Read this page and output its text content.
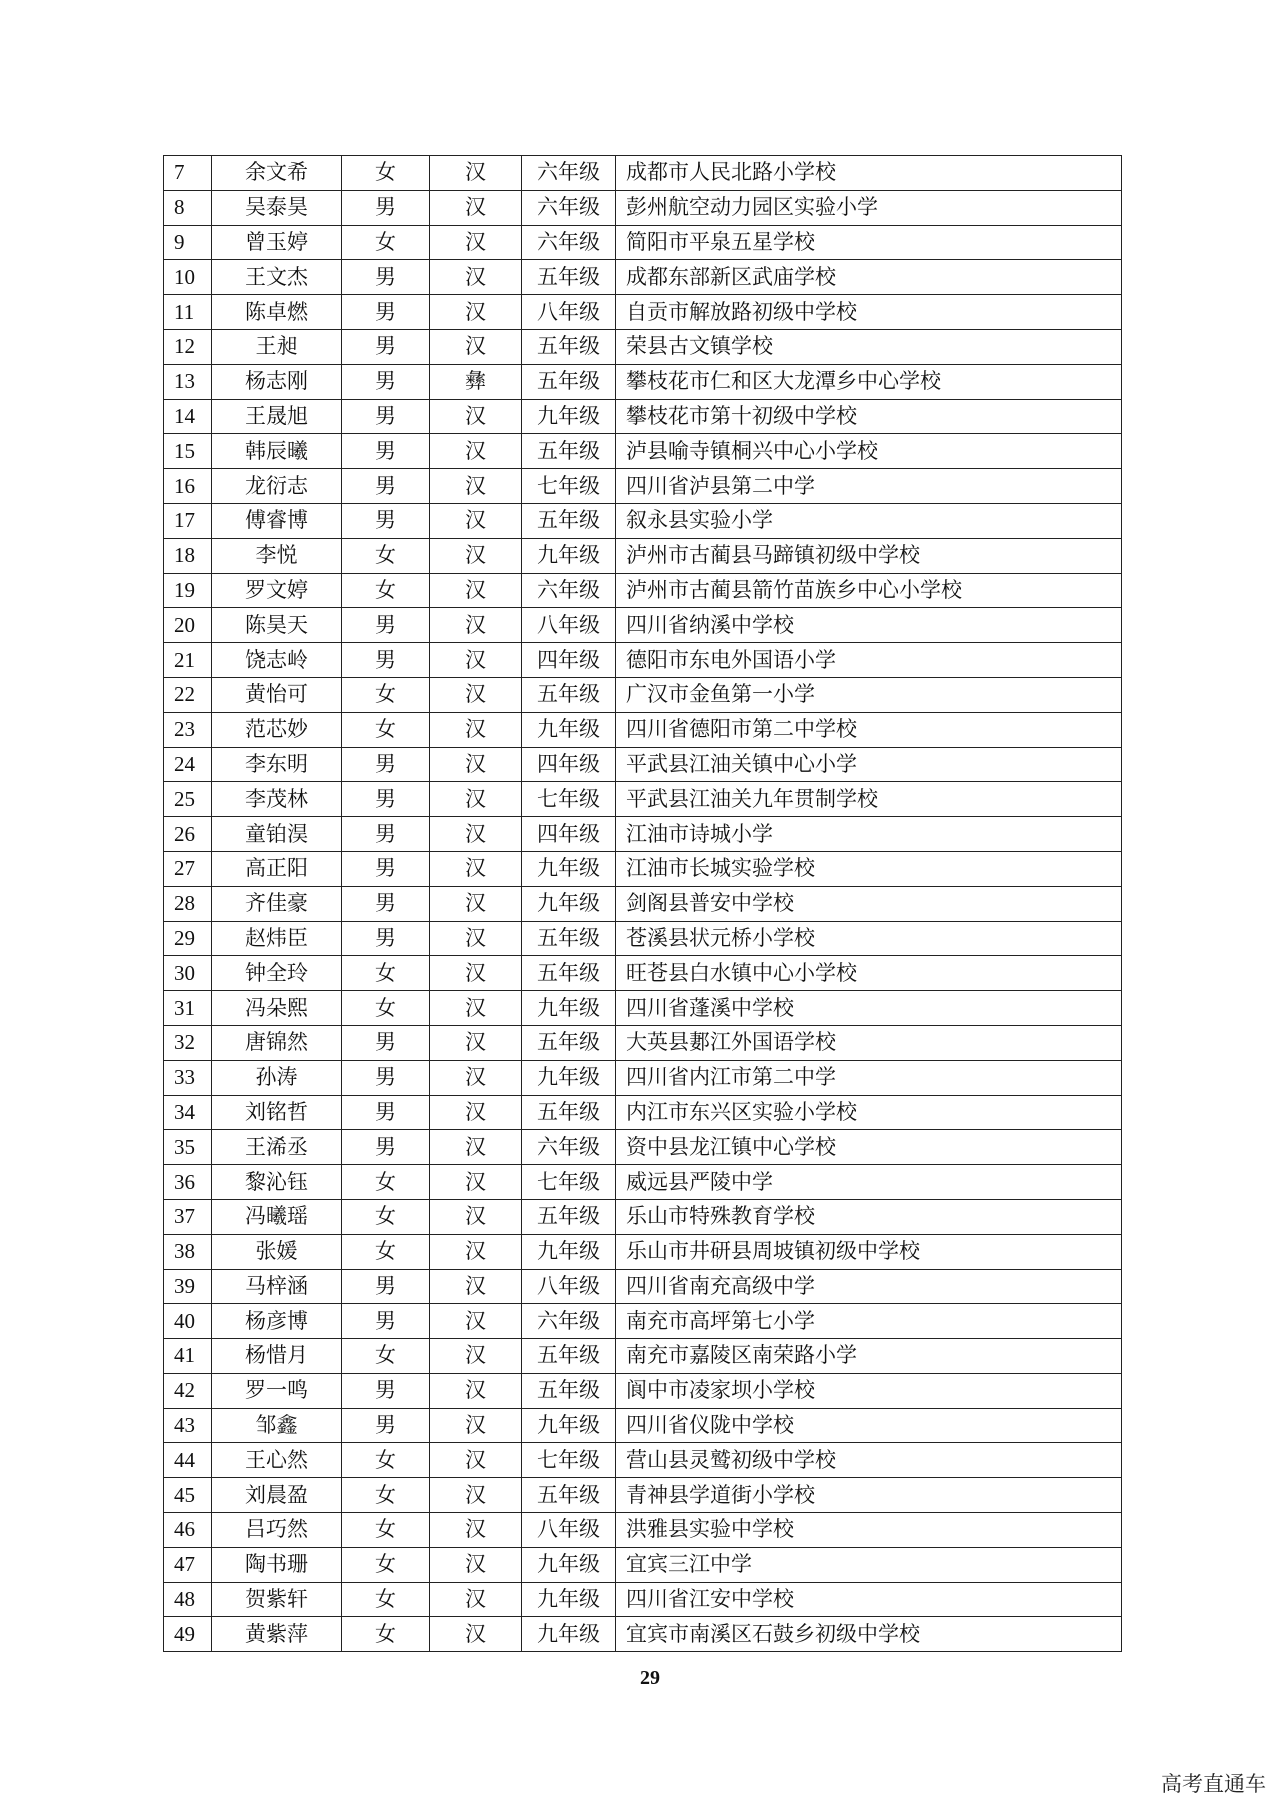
7	余文希	女	汉	六年级	成都市人民北路小学校
8	吴泰昊	男	汉	六年级	彭州航空动力园区实验小学
9	曾玉婷	女	汉	六年级	简阳市平泉五星学校
10	王文杰	男	汉	五年级	成都东部新区武庙学校
11	陈卓燃	男	汉	八年级	自贡市解放路初级中学校
12	王昶	男	汉	五年级	荣县古文镇学校
13	杨志刚	男	彝	五年级	攀枝花市仁和区大龙潭乡中心学校
14	王晟旭	男	汉	九年级	攀枝花市第十初级中学校
15	韩辰曦	男	汉	五年级	泸县喻寺镇桐兴中心小学校
16	龙衍志	男	汉	七年级	四川省泸县第二中学
17	傅睿博	男	汉	五年级	叙永县实验小学
18	李悦	女	汉	九年级	泸州市古蔺县马蹄镇初级中学校
19	罗文婷	女	汉	六年级	泸州市古蔺县箭竹苗族乡中心小学校
20	陈昊天	男	汉	八年级	四川省纳溪中学校
21	饶志岭	男	汉	四年级	德阳市东电外国语小学
22	黄怡可	女	汉	五年级	广汉市金鱼第一小学
23	范芯妙	女	汉	九年级	四川省德阳市第二中学校
24	李东明	男	汉	四年级	平武县江油关镇中心小学
25	李茂林	男	汉	七年级	平武县江油关九年贯制学校
26	童铂淏	男	汉	四年级	江油市诗城小学
27	高正阳	男	汉	九年级	江油市长城实验学校
28	齐佳豪	男	汉	九年级	剑阁县普安中学校
29	赵炜臣	男	汉	五年级	苍溪县状元桥小学校
30	钟全玲	女	汉	五年级	旺苍县白水镇中心小学校
31	冯朵熙	女	汉	九年级	四川省蓬溪中学校
32	唐锦然	男	汉	五年级	大英县郪江外国语学校
33	孙涛	男	汉	九年级	四川省内江市第二中学
34	刘铭哲	男	汉	五年级	内江市东兴区实验小学校
35	王浠丞	男	汉	六年级	资中县龙江镇中心学校
36	黎沁钰	女	汉	七年级	威远县严陵中学
37	冯曦瑶	女	汉	五年级	乐山市特殊教育学校
38	张媛	女	汉	九年级	乐山市井研县周坡镇初级中学校
39	马梓涵	男	汉	八年级	四川省南充高级中学
40	杨彦博	男	汉	六年级	南充市高坪第七小学
41	杨惜月	女	汉	五年级	南充市嘉陵区南荣路小学
42	罗一鸣	男	汉	五年级	阆中市凌家坝小学校
43	邹鑫	男	汉	九年级	四川省仪陇中学校
44	王心然	女	汉	七年级	营山县灵鹫初级中学校
45	刘晨盈	女	汉	五年级	青神县学道街小学校
46	吕巧然	女	汉	八年级	洪雅县实验中学校
47	陶书珊	女	汉	九年级	宜宾三江中学
48	贺紫轩	女	汉	九年级	四川省江安中学校
49	黄紫萍	女	汉	九年级	宜宾市南溪区石鼓乡初级中学校
29
高考直通车
